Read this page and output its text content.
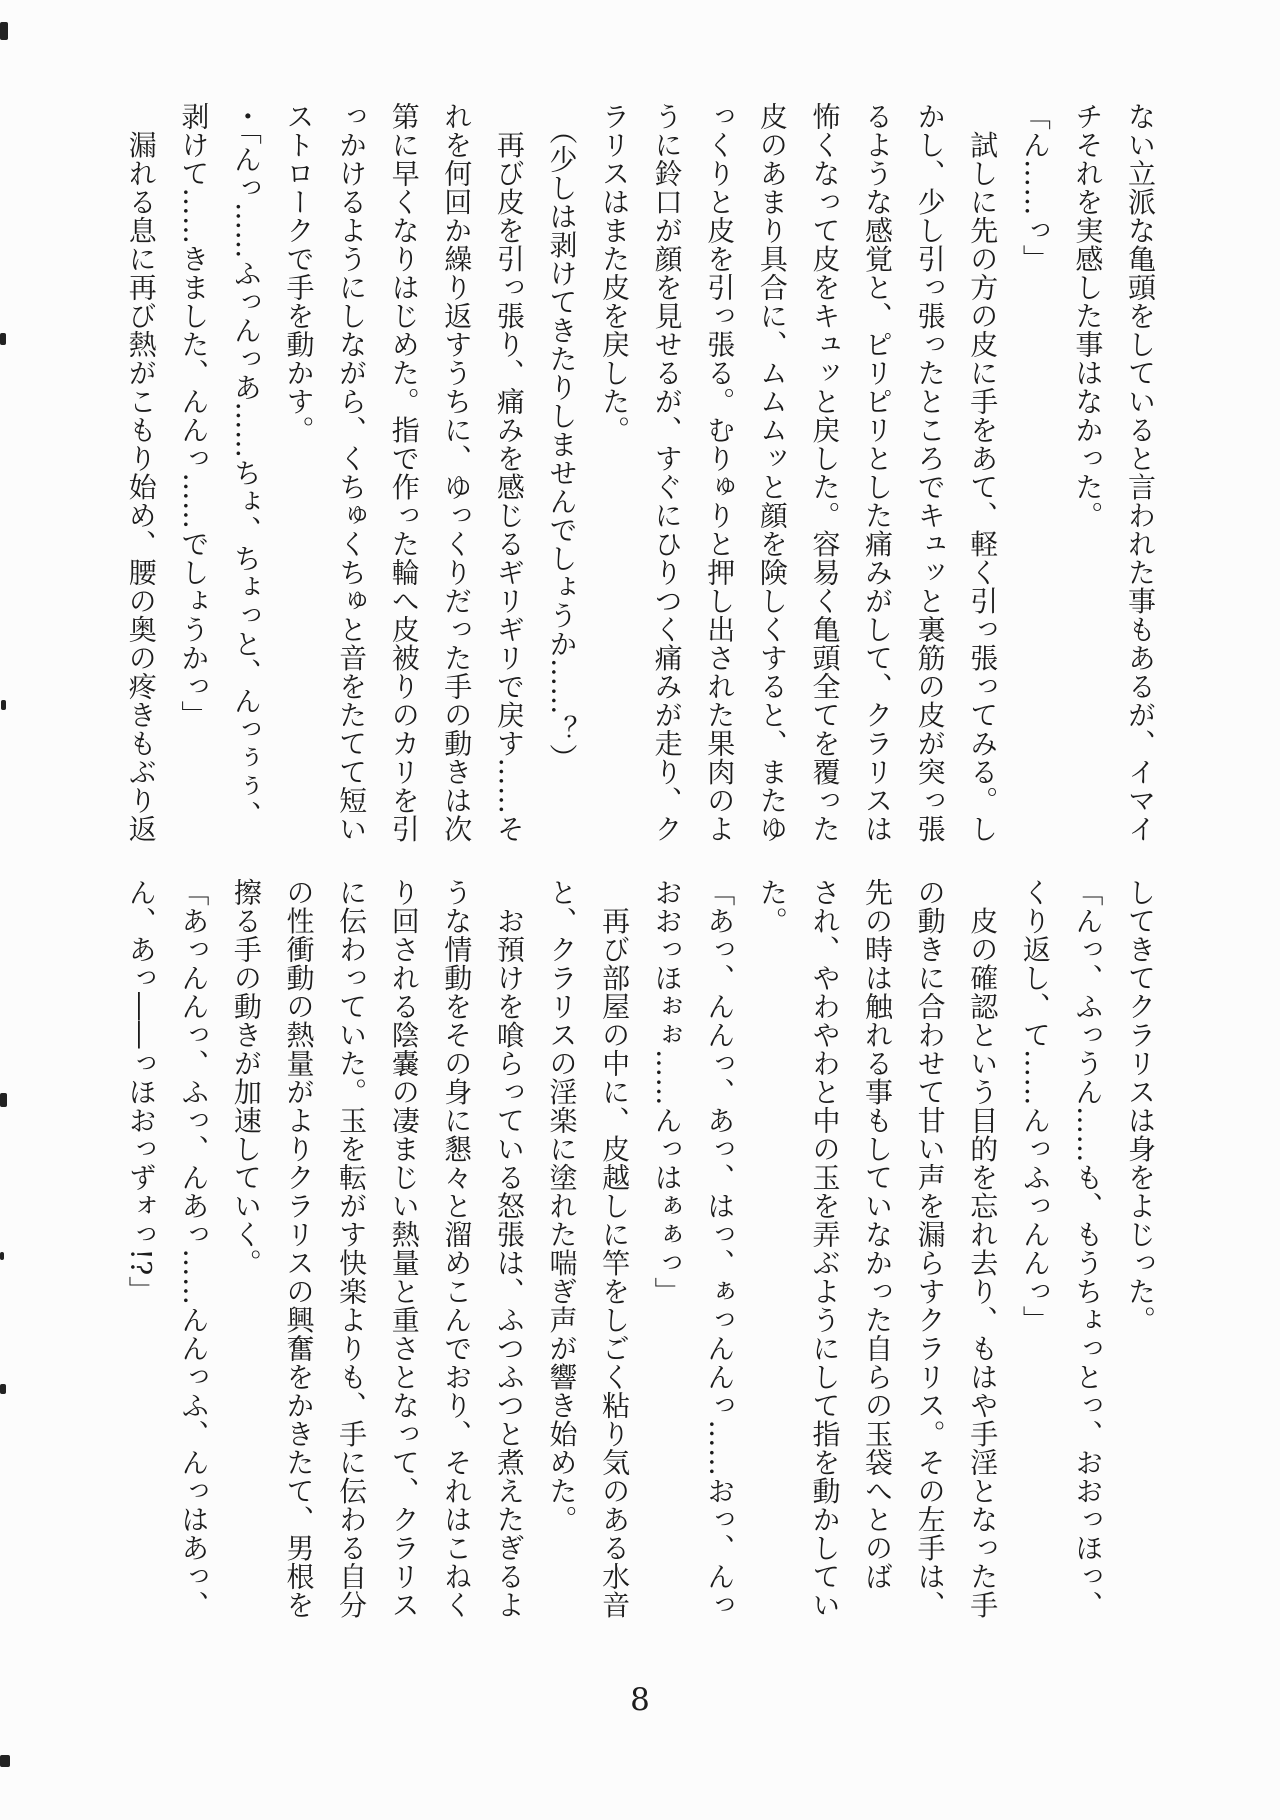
ない立派な亀頭をしていると言われた事もあるが、イマイ

チそれを実感した事はなかった。

「ん……っ」

　試しに先の方の皮に手をあて、軽く引っ張ってみる。し

かし、少し引っ張ったところでキュッと裏筋の皮が突っ張

るような感覚と、ピリピリとした痛みがして、クラリスは

怖くなって皮をキュッと戻した。容易く亀頭全てを覆った

皮のあまり具合に、ムムムッと顔を険しくすると、またゆ

っくりと皮を引っ張る。むりゅりと押し出された果肉のよ

うに鈴口が顔を見せるが、すぐにひりつく痛みが走り、ク

ラリスはまた皮を戻した。

　（少しは剥けてきたりしませんでしょうか……？）

　再び皮を引っ張り、痛みを感じるギリギリで戻す……そ

れを何回か繰り返すうちに、ゆっくりだった手の動きは次

第に早くなりはじめた。指で作った輪へ皮被りのカリを引

っかけるようにしながら、くちゅくちゅと音をたてて短い

ストロークで手を動かす。

・「んっ……ふっんっあ……ちょ、ちょっと、んっぅぅ、

剥けて……きました、んんっ……でしょうかっ」

　漏れる息に再び熱がこもり始め、腰の奥の疼きもぶり返

してきてクラリスは身をよじった。

「んっ、ふっうん……も、もうちょっとっ、おおっほっ、

くり返し、て……んっふっんんっ」

　皮の確認という目的を忘れ去り、もはや手淫となった手

の動きに合わせて甘い声を漏らすクラリス。その左手は、

先の時は触れる事もしていなかった自らの玉袋へとのば

され、やわやわと中の玉を弄ぶようにして指を動かしてい

た。

「あっ、んんっ、あっ、はっ、ぁっんんっ……おっ、んっ

おおっほぉぉ……んっはぁぁっ」

　再び部屋の中に、皮越しに竿をしごく粘り気のある水音

と、クラリスの淫楽に塗れた喘ぎ声が響き始めた。

　お預けを喰らっている怒張は、ふつふつと煮えたぎるよ

うな情動をその身に懇々と溜めこんでおり、それはこねく

り回される陰嚢の凄まじい熱量と重さとなって、クラリス

に伝わっていた。玉を転がす快楽よりも、手に伝わる自分

の性衝動の熱量がよりクラリスの興奮をかきたて、男根を

擦る手の動きが加速していく。

「あっんんっ、ふっ、んあっ……んんっふ、んっはあっ、

ん、あっ――っほおっずォっ!?」

8
